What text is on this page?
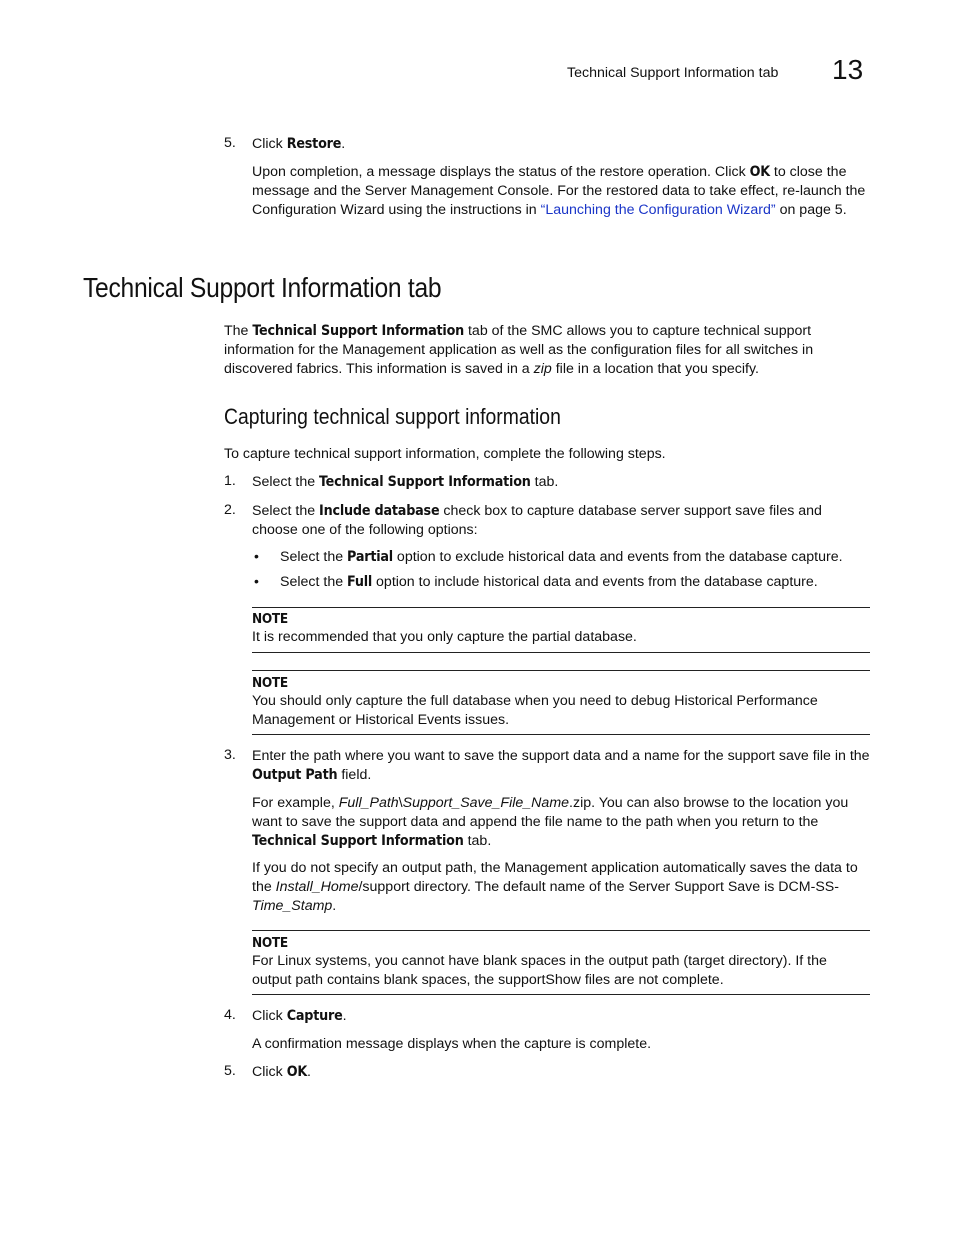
Technical Support Information tab 13
5. Click Restore.

Upon completion, a message displays the status of the restore operation. Click OK to close the message and the Server Management Console. For the restored data to take effect, re-launch the Configuration Wizard using the instructions in “Launching the Configuration Wizard” on page 5.

Technical Support Information tab

The Technical Support Information tab of the SMC allows you to capture technical support information for the Management application as well as the configuration files for all switches in discovered fabrics. This information is saved in a zip file in a location that you specify.

Capturing technical support information

To capture technical support information, complete the following steps.

1. Select the Technical Support Information tab.

2. Select the Include database check box to capture database server support save files and choose one of the following options:

• Select the Partial option to exclude historical data and events from the database capture.

• Select the Full option to include historical data and events from the database capture.

NOTE

It is recommended that you only capture the partial database.

NOTE

You should only capture the full database when you need to debug Historical Performance Management or Historical Events issues.

3. Enter the path where you want to save the support data and a name for the support save file in the Output Path field.

For example, Full_Path\Support_Save_File_Name.zip. You can also browse to the location you want to save the support data and append the file name to the path when you return to the Technical Support Information tab.

If you do not specify an output path, the Management application automatically saves the data to the Install_Home/support directory. The default name of the Server Support Save is DCM-SS-Time_Stamp.

NOTE

For Linux systems, you cannot have blank spaces in the output path (target directory). If the output path contains blank spaces, the supportShow files are not complete.

4. Click Capture.

A confirmation message displays when the capture is complete.

5. Click OK.
